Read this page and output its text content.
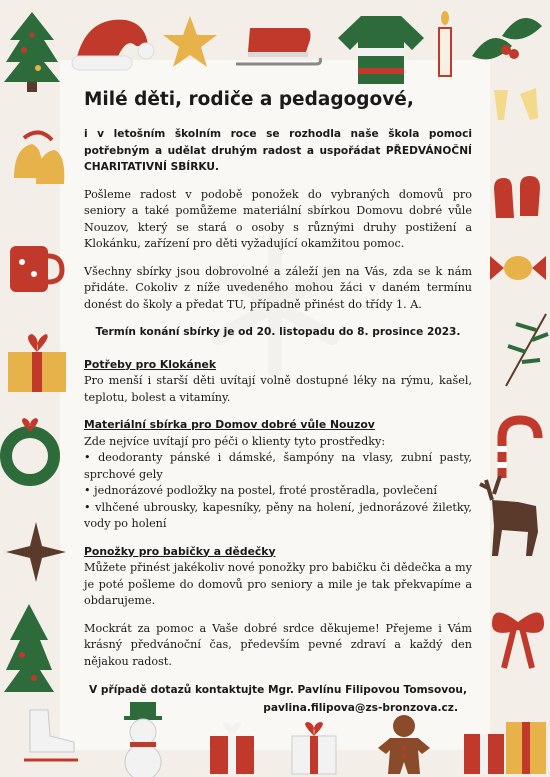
Milé děti, rodiče a pedagogové,

i v letošním školním roce se rozhodla naše škola pomoci potřebným a udělat druhým radost a uspořádat PŘEDVÁNOČNÍ CHARITATIVNÍ SBÍRKU.

Pošleme radost v podobě ponožek do vybraných domovů pro seniory a také pomůžeme materiální sbírkou Domovu dobré vůle Nouzov, který se stará o osoby s různými druhy postižení a Klokánku, zařízení pro děti vyžadující okamžitou pomoc.

Všechny sbírky jsou dobrovolné a záleží jen na Vás, zda se k nám přidáte. Cokoliv z níže uvedeného mohou žáci v daném termínu donést do školy a předat TU, případně přinést do třídy 1. A.

Termín konání sbírky je od 20. listopadu do 8. prosince 2023.

Potřeby pro Klokánek
Pro menší i starší děti uvítají volně dostupné léky na rýmu, kašel, teplotu, bolest a vitamíny.

Materiální sbírka pro Domov dobré vůle Nouzov
Zde nejvíce uvítají pro péči o klienty tyto prostředky:
• deodoranty pánské i dámské, šampóny na vlasy, zubní pasty, sprchové gely
• jednorázové podložky na postel, froté prostěradla, povlečení
• vlhčené ubrousky, kapesníky, pěny na holení, jednorázové žiletky, vody po holení

Ponožky pro babičky a dědečky
Můžete přinést jakékoliv nové ponožky pro babičku či dědečka a my je poté pošleme do domovů pro seniory a mile je tak překvapíme a obdarujeme.

Mockrát za pomoc a Vaše dobré srdce děkujeme! Přejeme i Vám krásný předvánoční čas, především pevné zdraví a každý den nějakou radost.

V případě dotazů kontaktujte Mgr. Pavlínu Filipovou Tomsovou,
pavlina.filipova@zs-bronzova.cz.
